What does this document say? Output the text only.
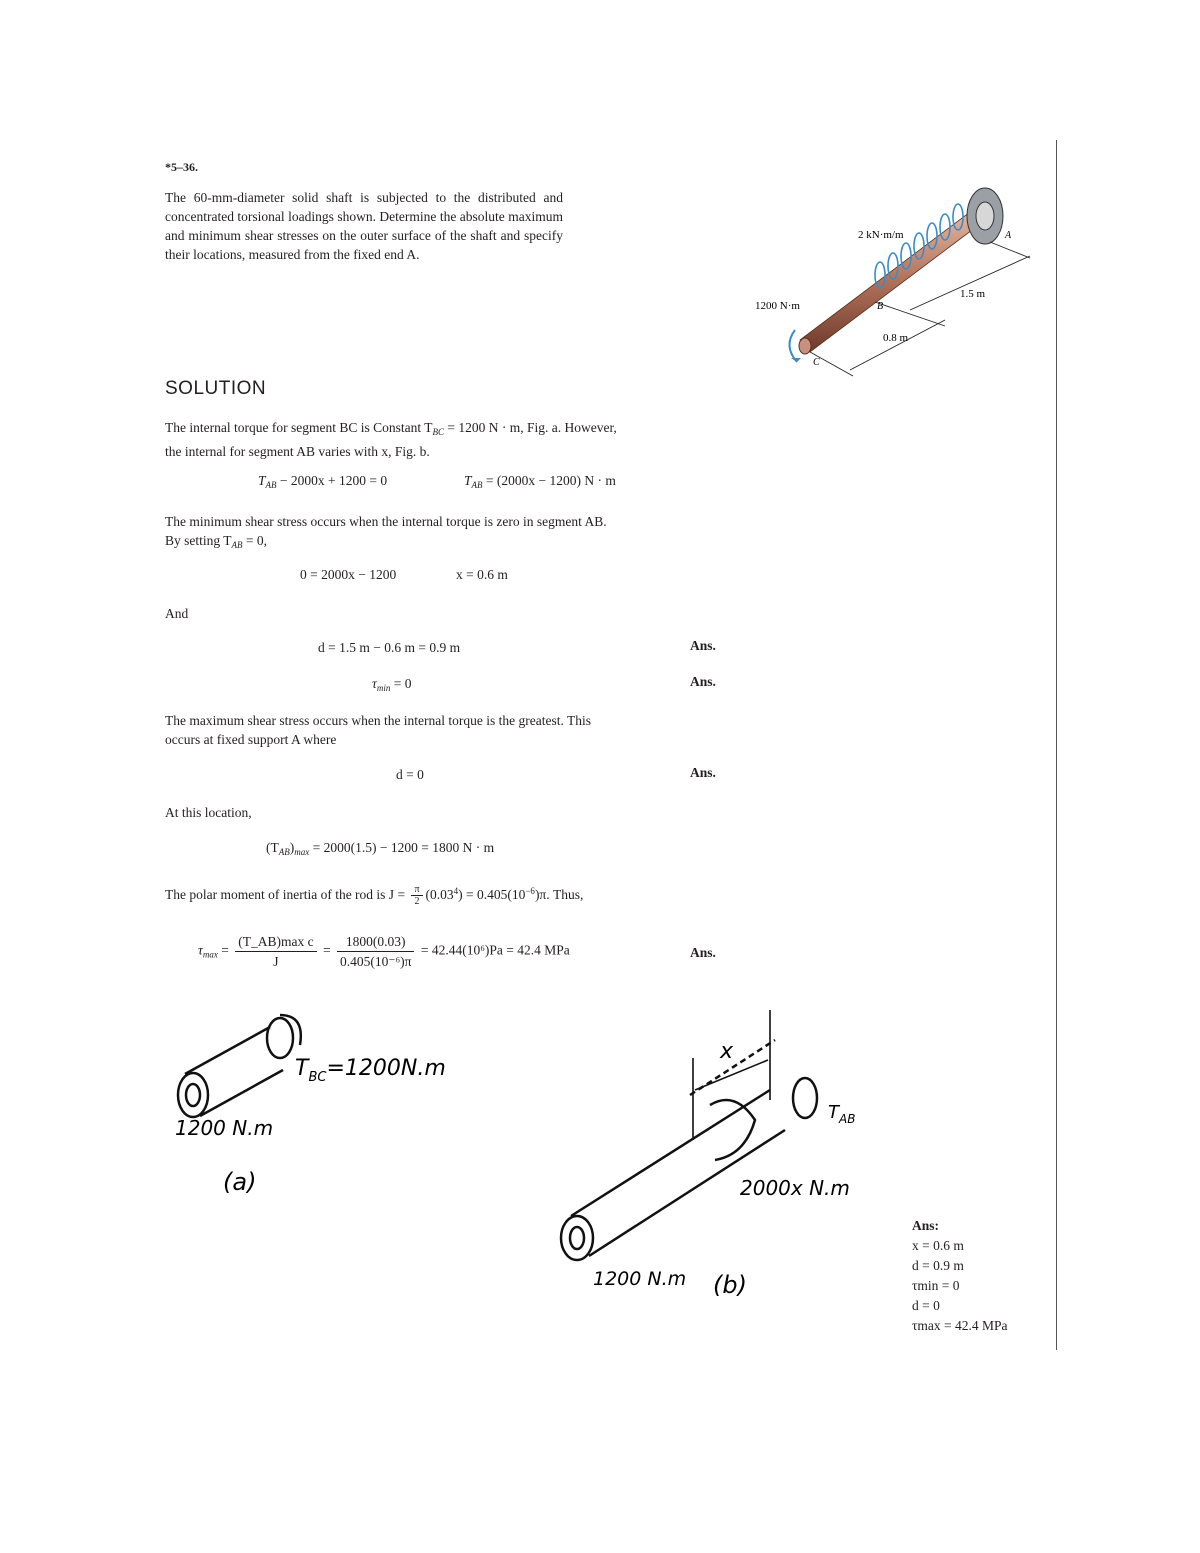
*5–36.
The 60-mm-diameter solid shaft is subjected to the distributed and concentrated torsional loadings shown. Determine the absolute maximum and minimum shear stresses on the outer surface of the shaft and specify their locations, measured from the fixed end A.
2 kN·m/m
1200 N·m
1.5 m
0.8 m
A
B
C
SOLUTION
The internal torque for segment BC is Constant $T_{BC} = 1200$ N · m, Fig. a. However,
the internal for segment AB varies with x, Fig. b.
$T_{AB} - 2000x + 1200 = 0$	$T_{AB} = (2000x - 1200) N \cdot m$
The minimum shear stress occurs when the internal torque is zero in segment AB.
By setting $T_{AB} = 0$,
0 = 2000x − 1200	x = 0.6 m
And
d = 1.5 m − 0.6 m = 0.9 m	Ans.
$\tau_{min} = 0$	Ans.
The maximum shear stress occurs when the internal torque is the greatest. This
occurs at fixed support A where
d = 0	Ans.
At this location,
$(T_{AB})_{max} = 2000(1.5) - 1200 = 1800$ N · m
The polar moment of inertia of the rod is $J = \frac{\pi}{2} (0.03^4) = 0.405(10^{-6})\pi$. Thus,
$\tau_{max} = \frac{\text{(T\_AB)max c}}{J} = \frac{1800(0.03)}{\text{0.405(10⁻⁶)π}} = 42.44(10^6)Pa = 42.4$ MPa	Ans.
$T_{BC}=1200N.m$
1200 N.m
(a)
x
$T_{AB}$
2000x N.m
1200 N.m (b)
Ans:
x = 0.6 m
d = 0.9 m
τmin = 0
d = 0
τmax = 42.4 MPa
